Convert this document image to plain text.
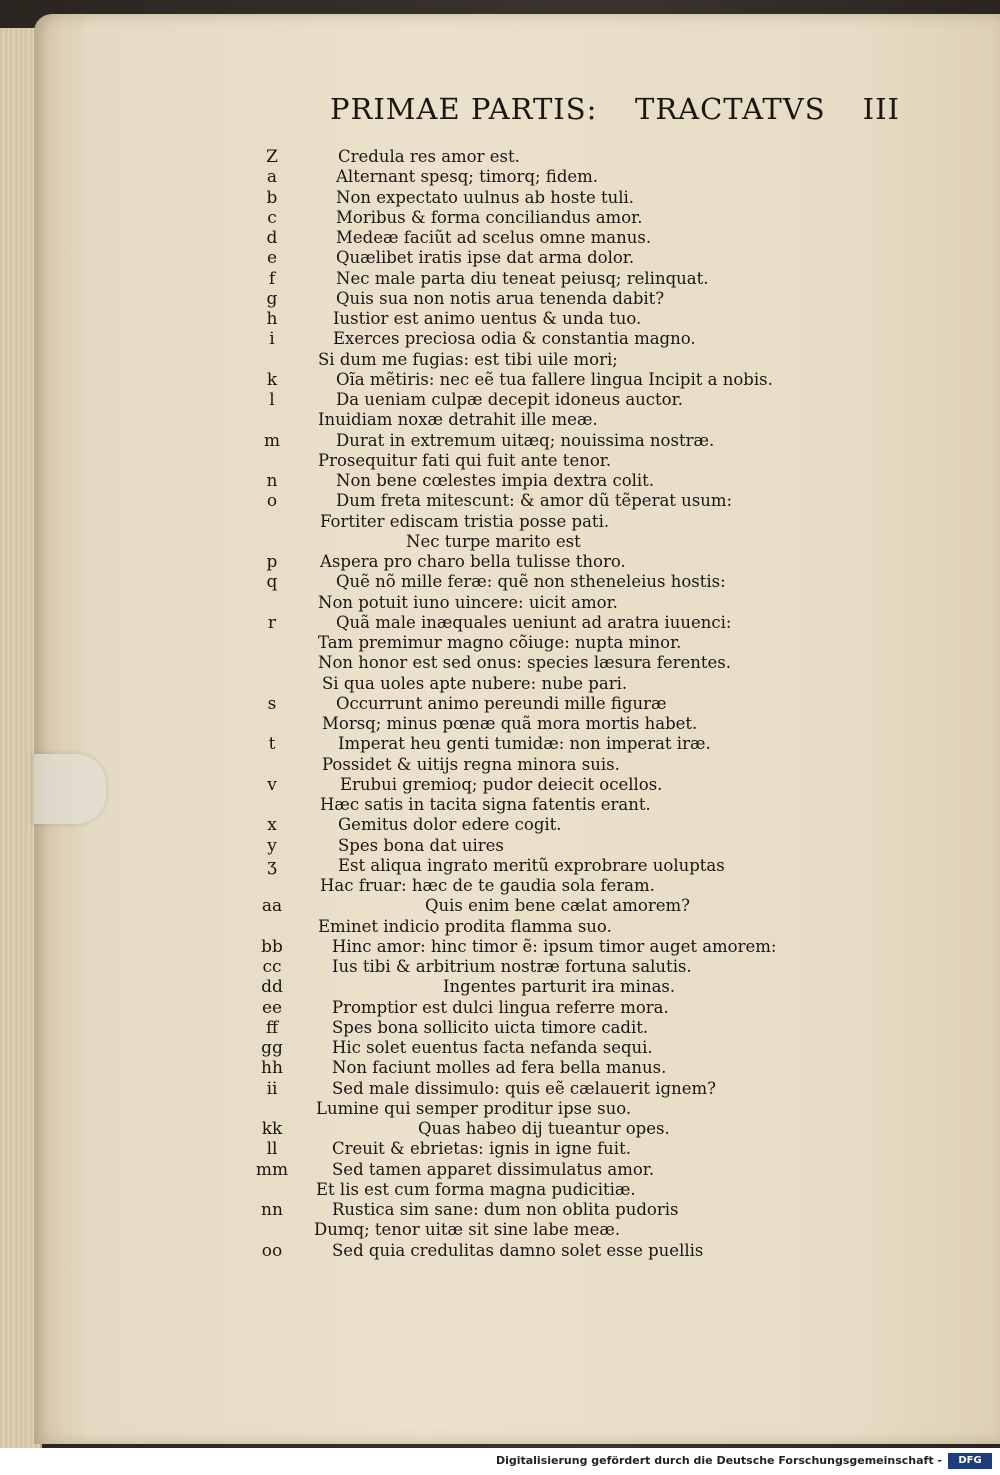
PRIMAE PARTIS: TRACTATVS III
Z	Credula res amor est.
a	Alternant spesq; timorq; fidem.
b	Non expectato uulnus ab hoste tuli.
c	Moribus & forma conciliandus amor.
d	Medeæ faciũt ad scelus omne manus.
e	Quælibet iratis ipse dat arma dolor.
f	Nec male parta diu teneat peiusq; relinquat.
g	Quis sua non notis arua tenenda dabit?
h	Iustior est animo uentus & unda tuo.
i	Exerces preciosa odia & constantia magno.
Si dum me fugias: est tibi uile mori;
k	Oĩa mẽtiris: nec eẽ tua fallere lingua Incipit a nobis.
l	Da ueniam culpæ decepit idoneus auctor.
Inuidiam noxæ detrahit ille meæ.
m	Durat in extremum uitæq; nouissima nostræ.
Prosequitur fati qui fuit ante tenor.
n	Non bene cœlestes impia dextra colit.
o	Dum freta mitescunt: & amor dũ tẽperat usum:
Fortiter ediscam tristia posse pati.
Nec turpe marito est
p	Aspera pro charo bella tulisse thoro.
q	Quẽ nõ mille feræ: quẽ non stheneleius hostis:
Non potuit iuno uincere: uicit amor.
r	Quã male inæquales ueniunt ad aratra iuuenci:
Tam premimur magno cõiuge: nupta minor.
Non honor est sed onus: species læsura ferentes.
Si qua uoles apte nubere: nube pari.
s	Occurrunt animo pereundi mille figuræ
Morsq; minus pœnæ quã mora mortis habet.
t	Imperat heu genti tumidæ: non imperat iræ.
Possidet & uitijs regna minora suis.
v	Erubui gremioq; pudor deiecit ocellos.
Hæc satis in tacita signa fatentis erant.
x	Gemitus dolor edere cogit.
y	Spes bona dat uires
ʒ	Est aliqua ingrato meritũ exprobrare uoluptas
Hac fruar: hæc de te gaudia sola feram.
aa	Quis enim bene cælat amorem?
Eminet indicio prodita flamma suo.
bb	Hinc amor: hinc timor ẽ: ipsum timor auget amorem:
cc	Ius tibi & arbitrium nostræ fortuna salutis.
dd	Ingentes parturit ira minas.
ee	Promptior est dulci lingua referre mora.
ff	Spes bona sollicito uicta timore cadit.
gg	Hic solet euentus facta nefanda sequi.
hh	Non faciunt molles ad fera bella manus.
ii	Sed male dissimulo: quis eẽ cælauerit ignem?
Lumine qui semper proditur ipse suo.
kk	Quas habeo dij tueantur opes.
ll	Creuit & ebrietas: ignis in igne fuit.
mm	Sed tamen apparet dissimulatus amor.
Et lis est cum forma magna pudicitiæ.
nn	Rustica sim sane: dum non oblita pudoris
Dumq; tenor uitæ sit sine labe meæ.
oo	Sed quia credulitas damno solet esse puellis
Digitalisierung gefördert durch die Deutsche Forschungsgemeinschaft -	DFG
